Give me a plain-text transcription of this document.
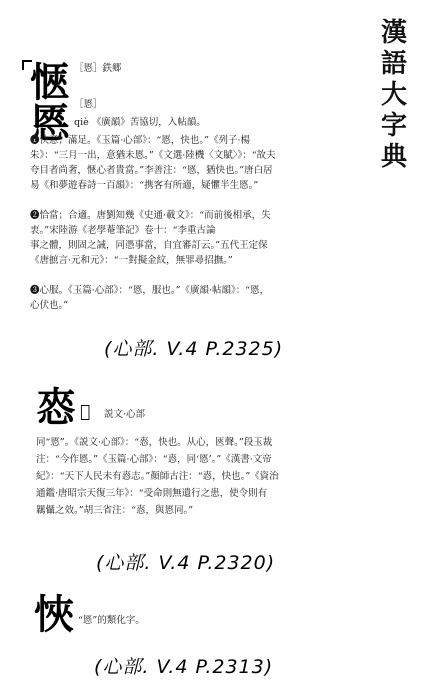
漢
語
大
字
典
愜 ［㥦］鉄郷
㥦 ［㥦］
qiè 《廣韻》苦協切，入帖韻。
❶快意；滿足。《玉篇·心部》：“㥦，快也。”《列子·楊
朱》：“三月一出，意猶未㥦。”《文選·陸機〈文賦〉》：“故夫
夸目者尚奢，愜心者貴當。”李善注：“㥦，猶快也。”唐白居
易《和夢遊春詩一百韻》：“携客有所適，疑懼半生㥦。”
❷恰當；合適。唐劉知幾《史通·載文》：“而前後相承，失
衷。”宋陸游《老學菴筆記》卷十：“李重古論
事之體，則固之誡，同憑事當，自宜審訂云。”五代王定保
《唐摭言·元和元》：“一對擬金紋，無罪尋招撫。”
❸心服。《玉篇·心部》：“㥦，服也。”《廣韻·帖韻》：“㥦，
心伏也。”
(心部. V.4 P.2325)
㤲 𢗅 説文·心部
同“㥦”。《説文·心部》：“㤲，快也。从心，匧聲。”段玉裁
注：“今作㥦。”《玉篇·心部》：“㤲，同‘㥦’。”《漢書·文帝
紀》：“天下人民未有㤲志。”顏師古注：“㤲，快也。”《資治
通鑑·唐昭宗天復三年》：“受命則無遺行之患，使令則有
羈懾之效。”胡三省注：“㤲，與㥦同。”
(心部. V.4 P.2320)
悏 “㥦”的類化字。
(心部. V.4 P.2313)
